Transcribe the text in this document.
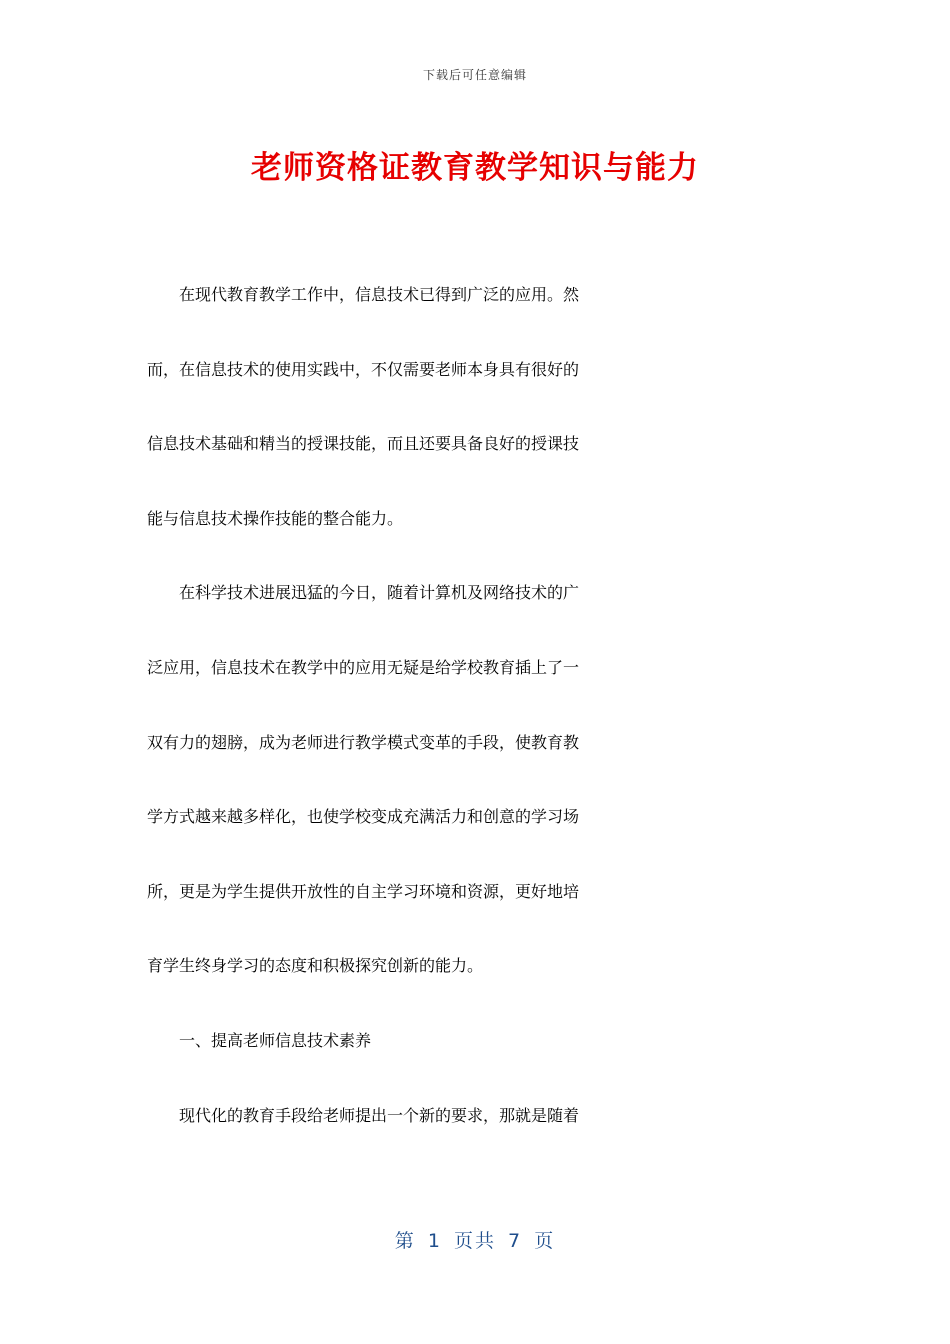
下载后可任意编辑
老师资格证教育教学知识与能力
　　在现代教育教学工作中，信息技术已得到广泛的应用。然
而，在信息技术的使用实践中，不仅需要老师本身具有很好的
信息技术基础和精当的授课技能，而且还要具备良好的授课技
能与信息技术操作技能的整合能力。
　　在科学技术进展迅猛的今日，随着计算机及网络技术的广
泛应用，信息技术在教学中的应用无疑是给学校教育插上了一
双有力的翅膀，成为老师进行教学模式变革的手段，使教育教
学方式越来越多样化，也使学校变成充满活力和创意的学习场
所，更是为学生提供开放性的自主学习环境和资源，更好地培
育学生终身学习的态度和积极探究创新的能力。
　　一、提高老师信息技术素养
　　现代化的教育手段给老师提出一个新的要求，那就是随着
第 1 页共 7 页
